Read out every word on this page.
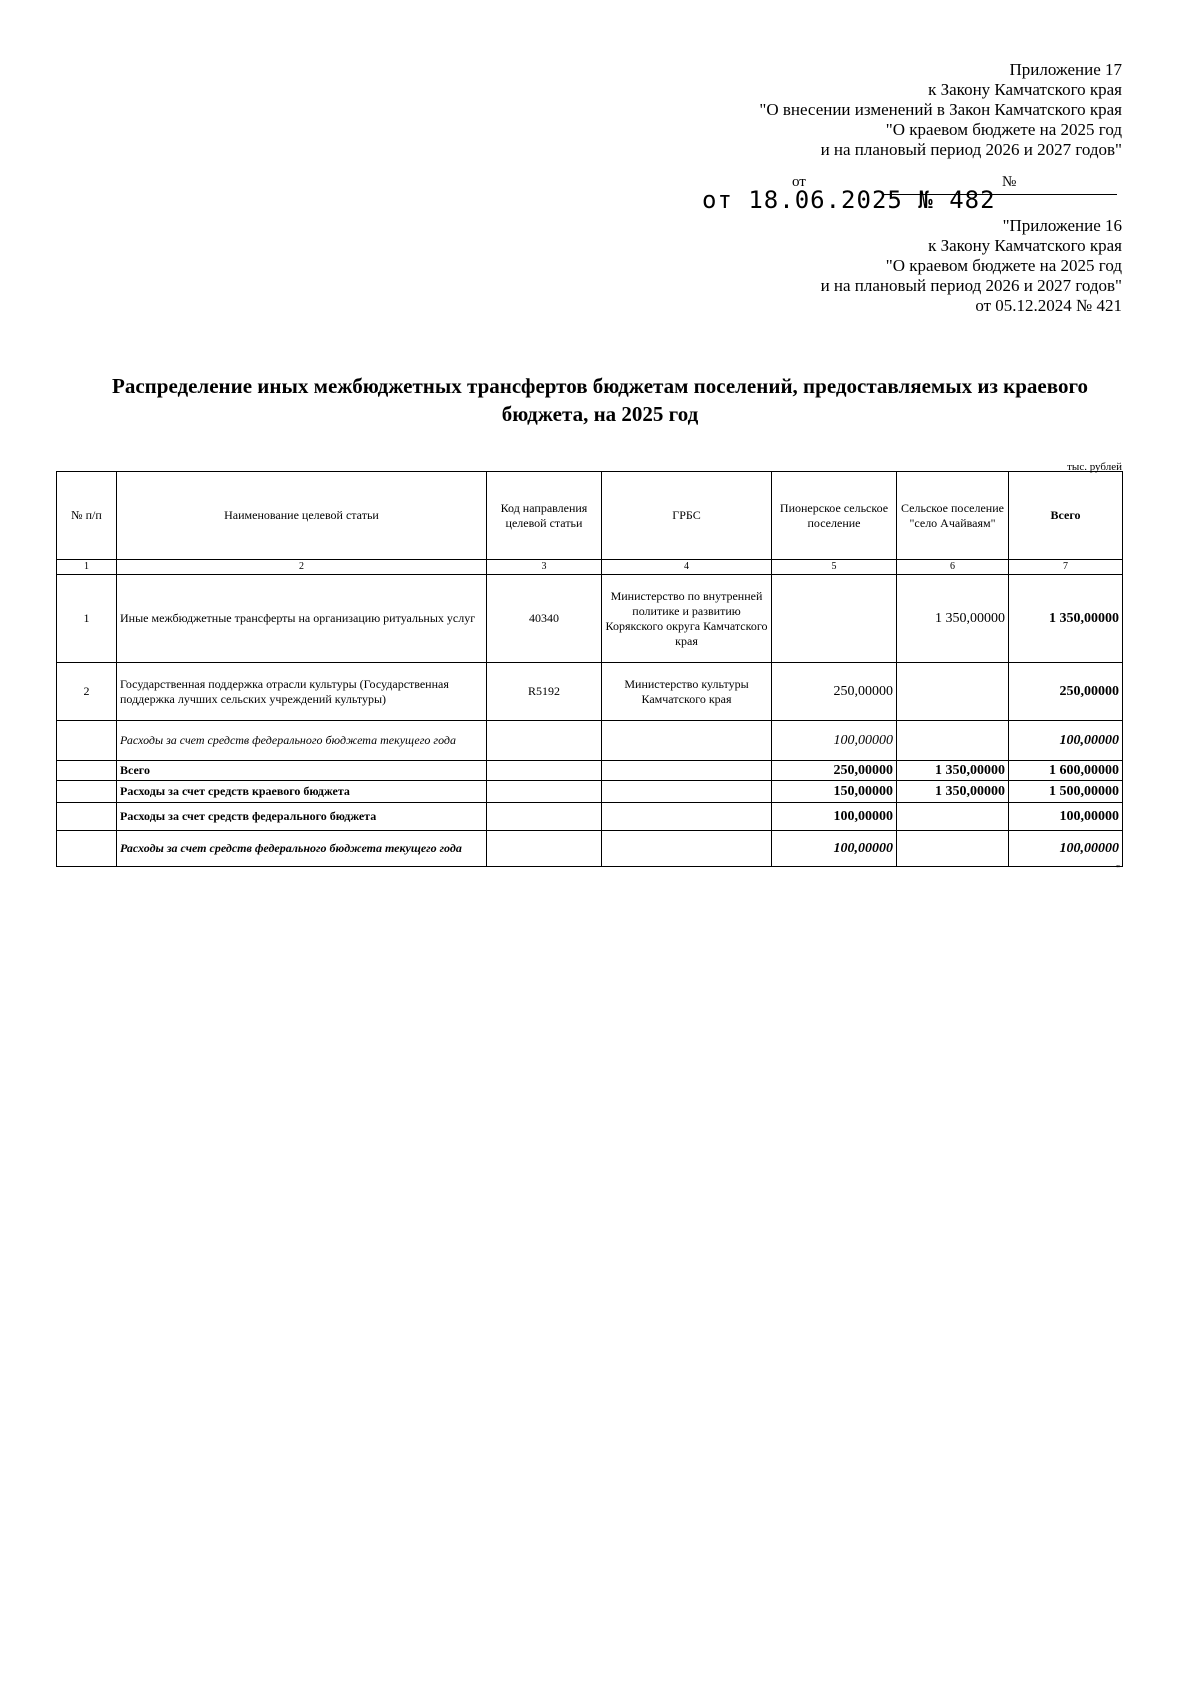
Приложение 17
к Закону Камчатского края
"О внесении изменений в Закон Камчатского края
"О краевом бюджете на 2025 год
и на плановый период 2026 и 2027 годов"
от	№
от 18.06.2025 № 482
"Приложение 16
к Закону Камчатского края
"О краевом бюджете на 2025 год
и на плановый период 2026 и 2027 годов"
от 05.12.2024 № 421
Распределение иных межбюджетных трансфертов бюджетам поселений, предоставляемых из краевого
бюджета, на 2025 год
тыс. рублей
№ п/п	Наименование целевой статьи	Код направления целевой статьи	ГРБС	Пионерское сельское поселение	Сельское поселение "село Ачайваям"	Всего
1	2	3	4	5	6	7
1	Иные межбюджетные трансферты на организацию ритуальных услуг	40340	Министерство по внутренней политике и развитию Корякского округа Камчатского края		1 350,00000	1 350,00000
2	Государственная поддержка отрасли культуры (Государственная поддержка лучших сельских учреждений культуры)	R5192	Министерство культуры Камчатского края	250,00000		250,00000
	Расходы за счет средств федерального бюджета текущего года			100,00000		100,00000
	Всего			250,00000	1 350,00000	1 600,00000
	Расходы за счет средств краевого бюджета			150,00000	1 350,00000	1 500,00000
	Расходы за счет средств федерального бюджета			100,00000		100,00000
	Расходы за счет средств федерального бюджета текущего года			100,00000		100,00000
"
